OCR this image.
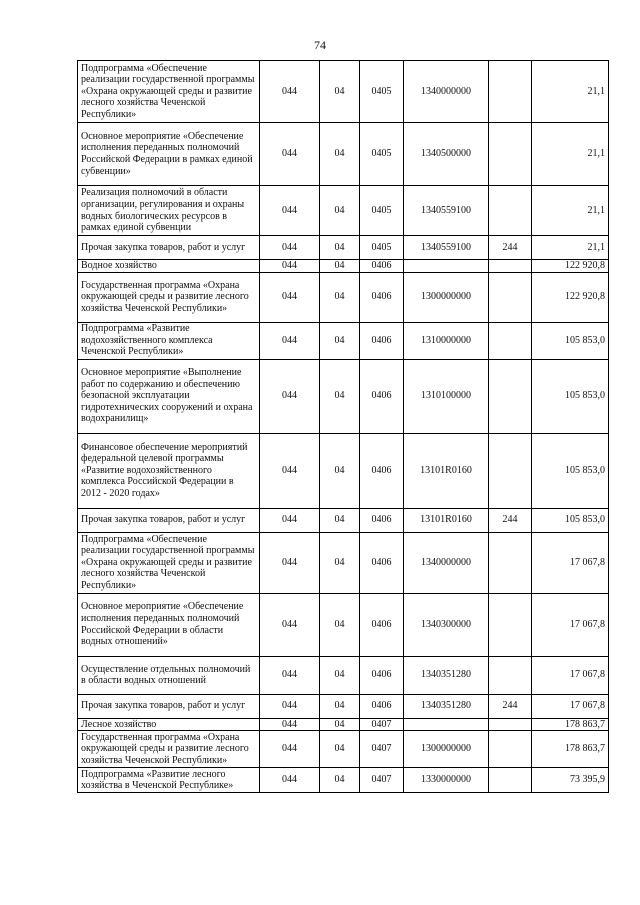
74
Подпрограмма «Обеспечение реализации государственной программы «Охрана окружающей среды и развитие лесного хозяйства Чеченской Республики»	044	04	0405	1340000000		21,1
Основное мероприятие «Обеспечение исполнения переданных полномочий Российской Федерации в рамках единой субвенции»	044	04	0405	1340500000		21,1
Реализация полномочий в области организации, регулирования и охраны водных биологических ресурсов в рамках единой субвенции	044	04	0405	1340559100		21,1
Прочая закупка товаров, работ и услуг	044	04	0405	1340559100	244	21,1
Водное хозяйство	044	04	0406			122 920,8
Государственная программа «Охрана окружающей среды и развитие лесного хозяйства Чеченской Республики»	044	04	0406	1300000000		122 920,8
Подпрограмма «Развитие водохозяйственного комплекса Чеченской Республики»	044	04	0406	1310000000		105 853,0
Основное мероприятие «Выполнение работ по содержанию и обеспечению безопасной эксплуатации гидротехнических сооружений и охрана водохранилищ»	044	04	0406	1310100000		105 853,0
Финансовое обеспечение мероприятий федеральной целевой программы «Развитие водохозяйственного комплекса Российской Федерации в 2012 - 2020 годах»	044	04	0406	13101R0160		105 853,0
Прочая закупка товаров, работ и услуг	044	04	0406	13101R0160	244	105 853,0
Подпрограмма «Обеспечение реализации государственной программы «Охрана окружающей среды и развитие лесного хозяйства Чеченской Республики»	044	04	0406	1340000000		17 067,8
Основное мероприятие «Обеспечение исполнения переданных полномочий Российской Федерации в области водных отношений»	044	04	0406	1340300000		17 067,8
Осуществление отдельных полномочий в области водных отношений	044	04	0406	1340351280		17 067,8
Прочая закупка товаров, работ и услуг	044	04	0406	1340351280	244	17 067,8
Лесное хозяйство	044	04	0407			178 863,7
Государственная программа «Охрана окружающей среды и развитие лесного хозяйства Чеченской Республики»	044	04	0407	1300000000		178 863,7
Подпрограмма «Развитие лесного хозяйства в Чеченской Республике»	044	04	0407	1330000000		73 395,9
